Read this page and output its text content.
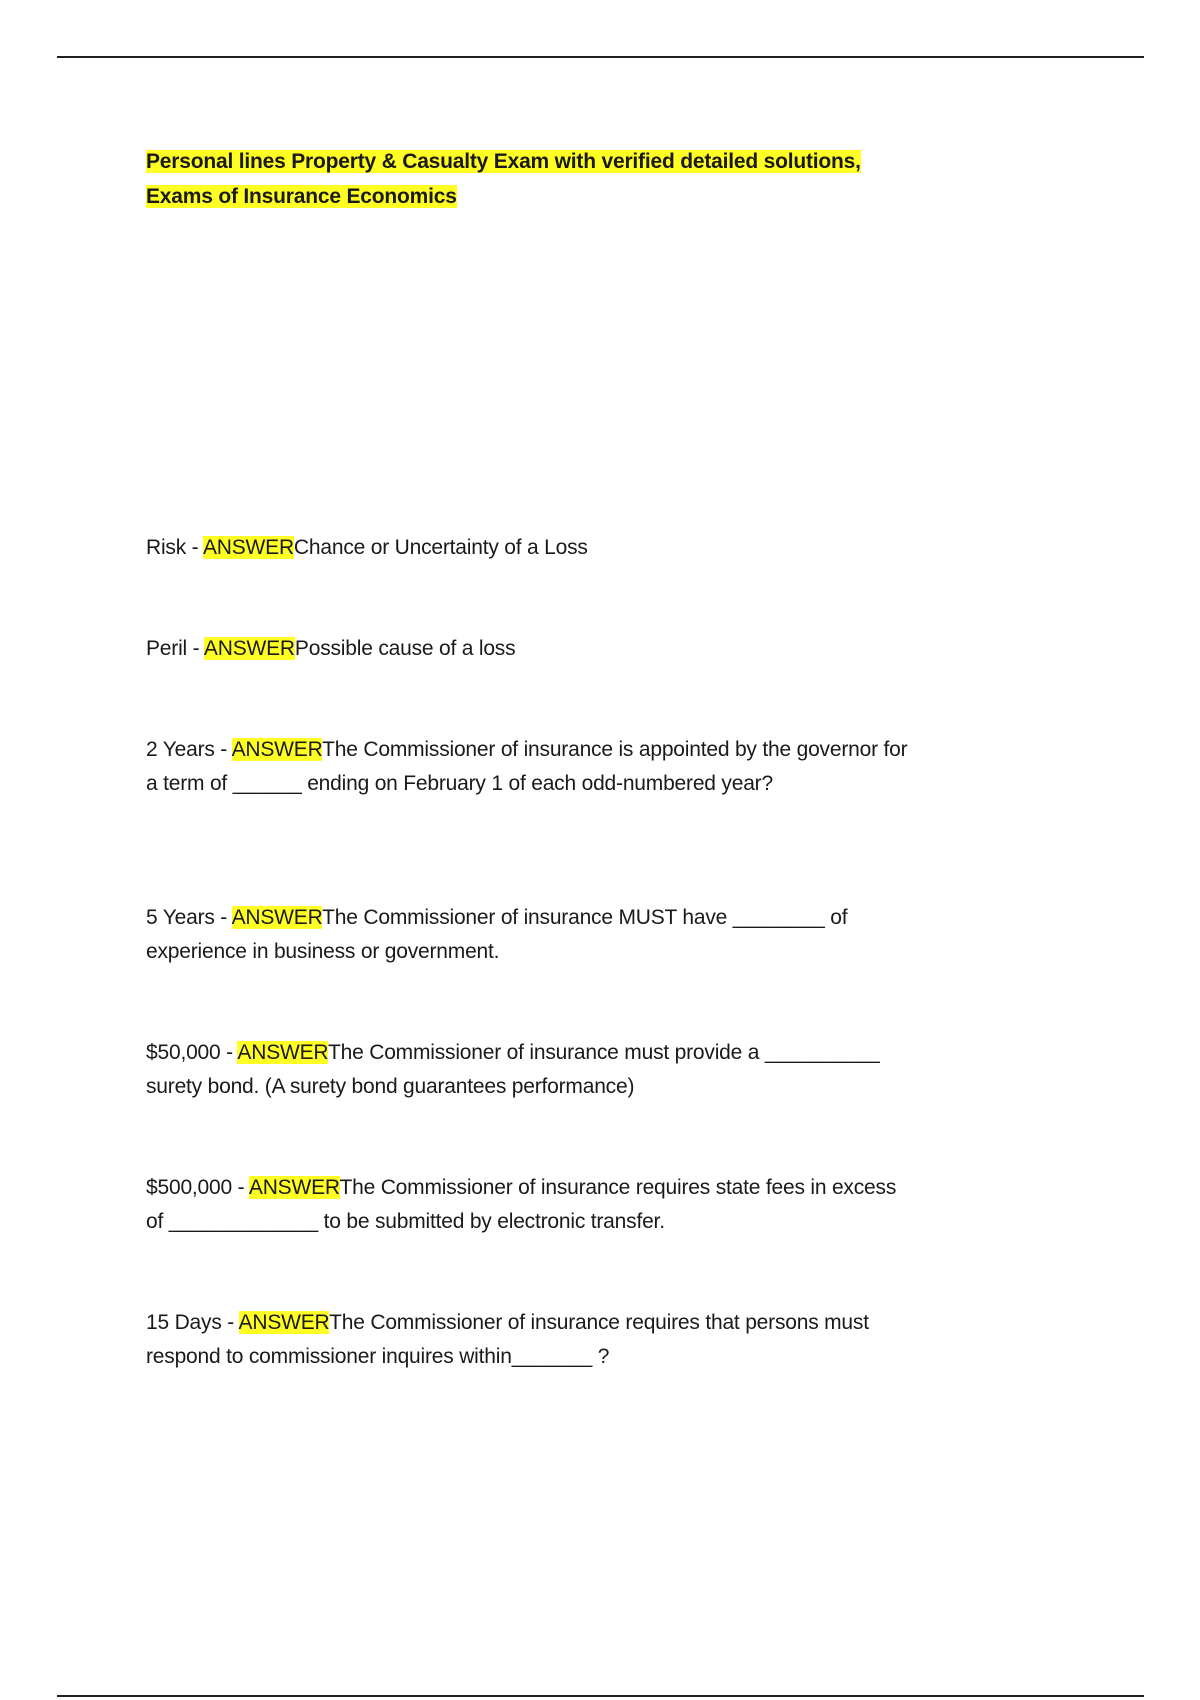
Personal lines Property & Casualty Exam with verified detailed solutions, Exams of Insurance Economics

Risk - ANSWERChance or Uncertainty of a Loss

Peril - ANSWERPossible cause of a loss

2 Years - ANSWERThe Commissioner of insurance is appointed by the governor for a term of ______ ending on February 1 of each odd-numbered year?

5 Years - ANSWERThe Commissioner of insurance MUST have ________ of experience in business or government.

$50,000 - ANSWERThe Commissioner of insurance must provide a __________ surety bond. (A surety bond guarantees performance)

$500,000 - ANSWERThe Commissioner of insurance requires state fees in excess of _____________ to be submitted by electronic transfer.

15 Days - ANSWERThe Commissioner of insurance requires that persons must respond to commissioner inquires within_______ ?
